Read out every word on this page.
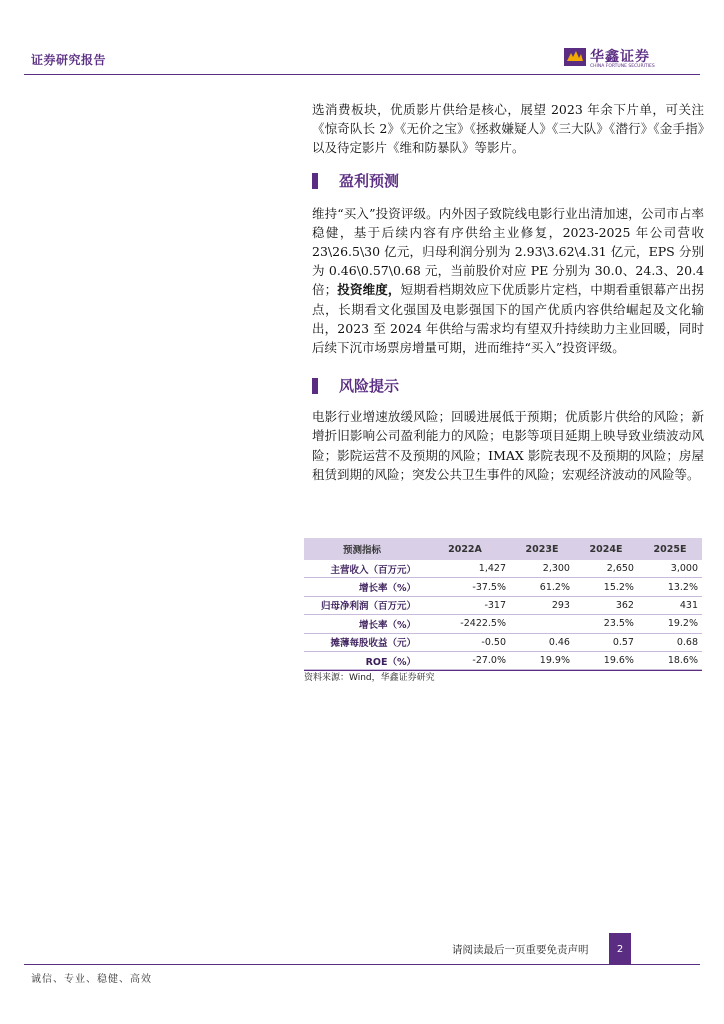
证券研究报告	华鑫证券
CHINA FORTUNE SECURITIES

选消费板块，优质影片供给是核心，展望 2023 年余下片单，可关注《惊奇队长 2》《无价之宝》《拯救嫌疑人》《三大队》《潜行》《金手指》以及待定影片《维和防暴队》等影片。

盈利预测

维持“买入”投资评级。内外因子致院线电影行业出清加速，公司市占率稳健，基于后续内容有序供给主业修复，2023-2025 年公司营收 23\26.5\30 亿元，归母利润分别为 2.93\3.62\4.31 亿元，EPS 分别为 0.46\0.57\0.68 元，当前股价对应 PE 分别为 30.0、24.3、20.4 倍；投资维度，短期看档期效应下优质影片定档，中期看重银幕产出拐点，长期看文化强国及电影强国下的国产优质内容供给崛起及文化输出，2023 至 2024 年供给与需求均有望双升持续助力主业回暖，同时后续下沉市场票房增量可期，进而维持“买入”投资评级。

风险提示

电影行业增速放缓风险；回暖进展低于预期；优质影片供给的风险；新增折旧影响公司盈利能力的风险；电影等项目延期上映导致业绩波动风险；影院运营不及预期的风险；IMAX 影院表现不及预期的风险；房屋租赁到期的风险；突发公共卫生事件的风险；宏观经济波动的风险等。

预测指标	2022A	2023E	2024E	2025E
主营收入（百万元）	1,427	2,300	2,650	3,000
增长率（%）	-37.5%	61.2%	15.2%	13.2%
归母净利润（百万元）	-317	293	362	431
增长率（%）	-2422.5%		23.5%	19.2%
摊薄每股收益（元）	-0.50	0.46	0.57	0.68
ROE（%）	-27.0%	19.9%	19.6%	18.6%
资料来源：Wind，华鑫证券研究
请阅读最后一页重要免责声明	2
诚信、专业、稳健、高效
